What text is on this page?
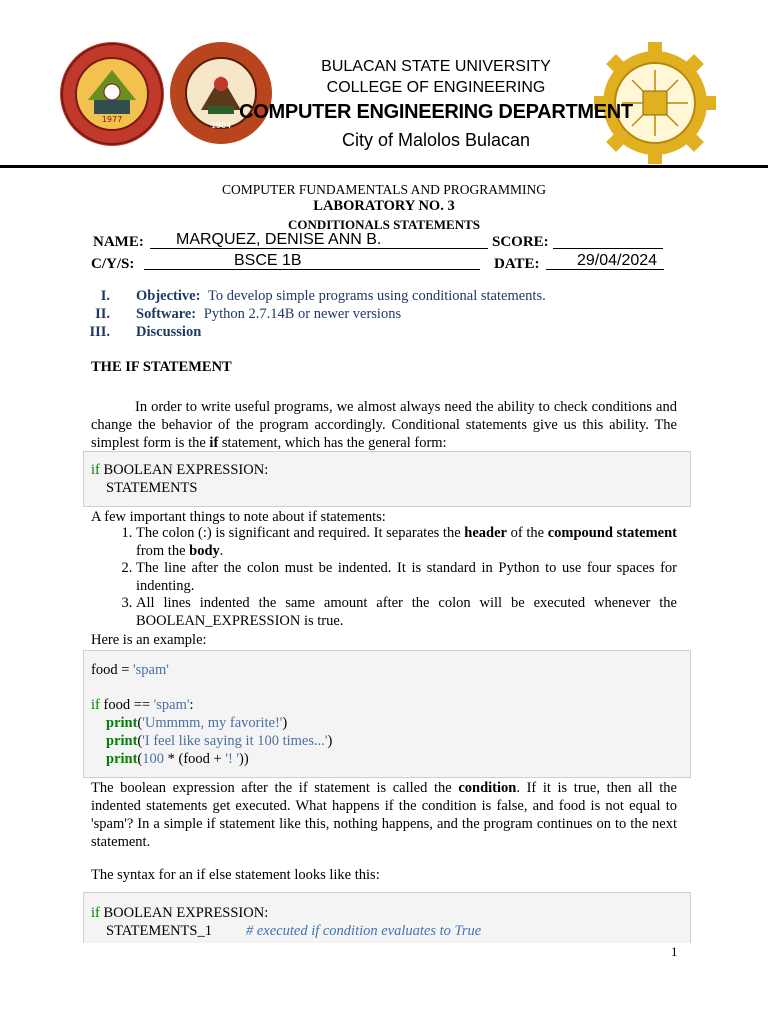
1977
1904
BULACAN STATE UNIVERSITY
COLLEGE OF ENGINEERING
COMPUTER ENGINEERING DEPARTMENT
City of Malolos Bulacan
COMPUTER FUNDAMENTALS AND PROGRAMMING
LABORATORY NO. 3
CONDITIONALS STATEMENTS
NAME: MARQUEZ, DENISE ANN B.	SCORE:
C/Y/S:	BSCE 1B	DATE: 29/04/2024
I. Objective: To develop simple programs using conditional statements.
II. Software: Python 2.7.14B or newer versions
III. Discussion
THE IF STATEMENT
In order to write useful programs, we almost always need the ability to check conditions and change the behavior of the program accordingly. Conditional statements give us this ability. The simplest form is the if statement, which has the general form:
if BOOLEAN EXPRESSION:
STATEMENTS
A few important things to note about if statements:
1. The colon (:) is significant and required. It separates the header of the compound statement from the body.
2. The line after the colon must be indented. It is standard in Python to use four spaces for indenting.
3. All lines indented the same amount after the colon will be executed whenever the BOOLEAN_EXPRESSION is true.
Here is an example:
food = 'spam'
if food == 'spam':
print('Ummmm, my favorite!')
print('I feel like saying it 100 times...')
print(100 * (food + '! '))
The boolean expression after the if statement is called the condition. If it is true, then all the indented statements get executed. What happens if the condition is false, and food is not equal to 'spam'? In a simple if statement like this, nothing happens, and the program continues on to the next statement.
The syntax for an if else statement looks like this:
if BOOLEAN EXPRESSION:
STATEMENTS_1 # executed if condition evaluates to True
1
